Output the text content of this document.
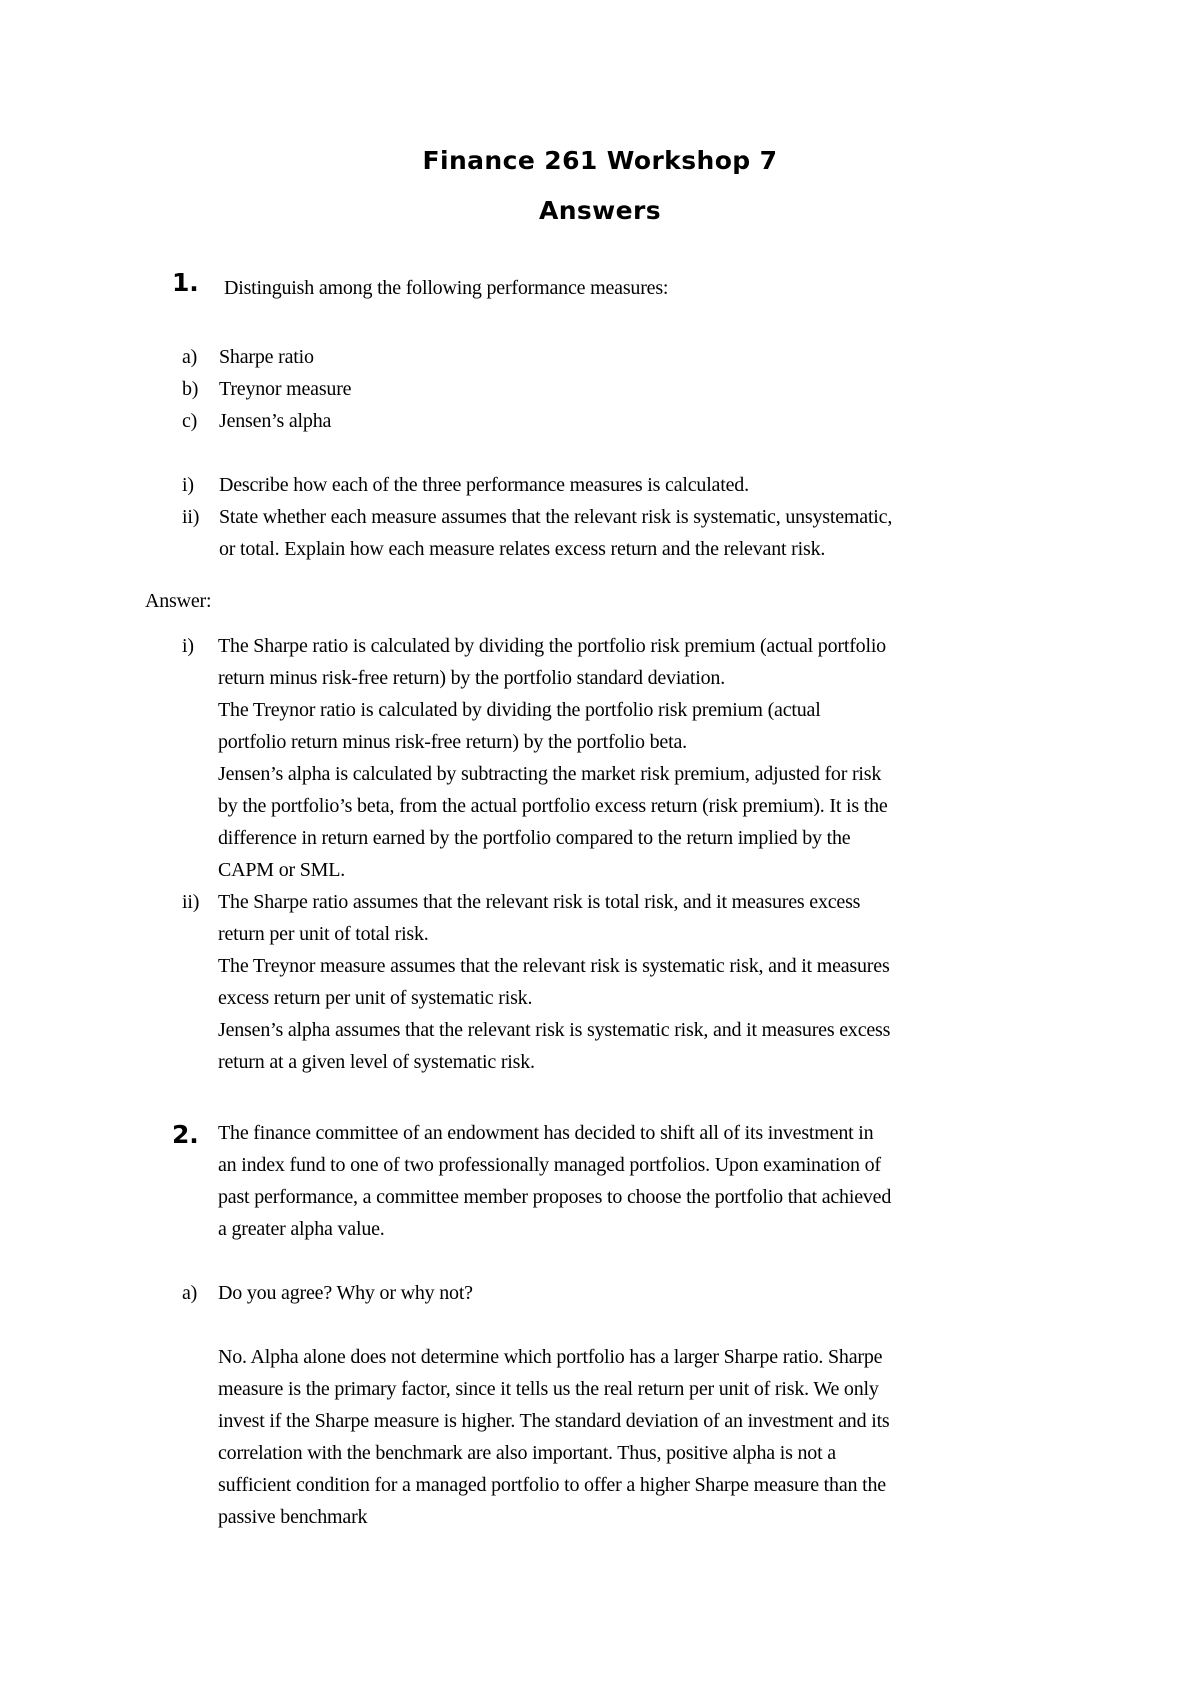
Finance 261 Workshop 7
Answers
1. Distinguish among the following performance measures:
a) Sharpe ratio
b) Treynor measure
c) Jensen’s alpha
i) Describe how each of the three performance measures is calculated.
ii) State whether each measure assumes that the relevant risk is systematic, unsystematic,
or total. Explain how each measure relates excess return and the relevant risk.
Answer:
i) The Sharpe ratio is calculated by dividing the portfolio risk premium (actual portfolio
return minus risk-free return) by the portfolio standard deviation.
The Treynor ratio is calculated by dividing the portfolio risk premium (actual
portfolio return minus risk-free return) by the portfolio beta.
Jensen’s alpha is calculated by subtracting the market risk premium, adjusted for risk
by the portfolio’s beta, from the actual portfolio excess return (risk premium). It is the
difference in return earned by the portfolio compared to the return implied by the
CAPM or SML.
ii) The Sharpe ratio assumes that the relevant risk is total risk, and it measures excess
return per unit of total risk.
The Treynor measure assumes that the relevant risk is systematic risk, and it measures
excess return per unit of systematic risk.
Jensen’s alpha assumes that the relevant risk is systematic risk, and it measures excess
return at a given level of systematic risk.
2. The finance committee of an endowment has decided to shift all of its investment in
an index fund to one of two professionally managed portfolios. Upon examination of
past performance, a committee member proposes to choose the portfolio that achieved
a greater alpha value.
a) Do you agree? Why or why not?
No. Alpha alone does not determine which portfolio has a larger Sharpe ratio. Sharpe
measure is the primary factor, since it tells us the real return per unit of risk. We only
invest if the Sharpe measure is higher. The standard deviation of an investment and its
correlation with the benchmark are also important. Thus, positive alpha is not a
sufficient condition for a managed portfolio to offer a higher Sharpe measure than the
passive benchmark
